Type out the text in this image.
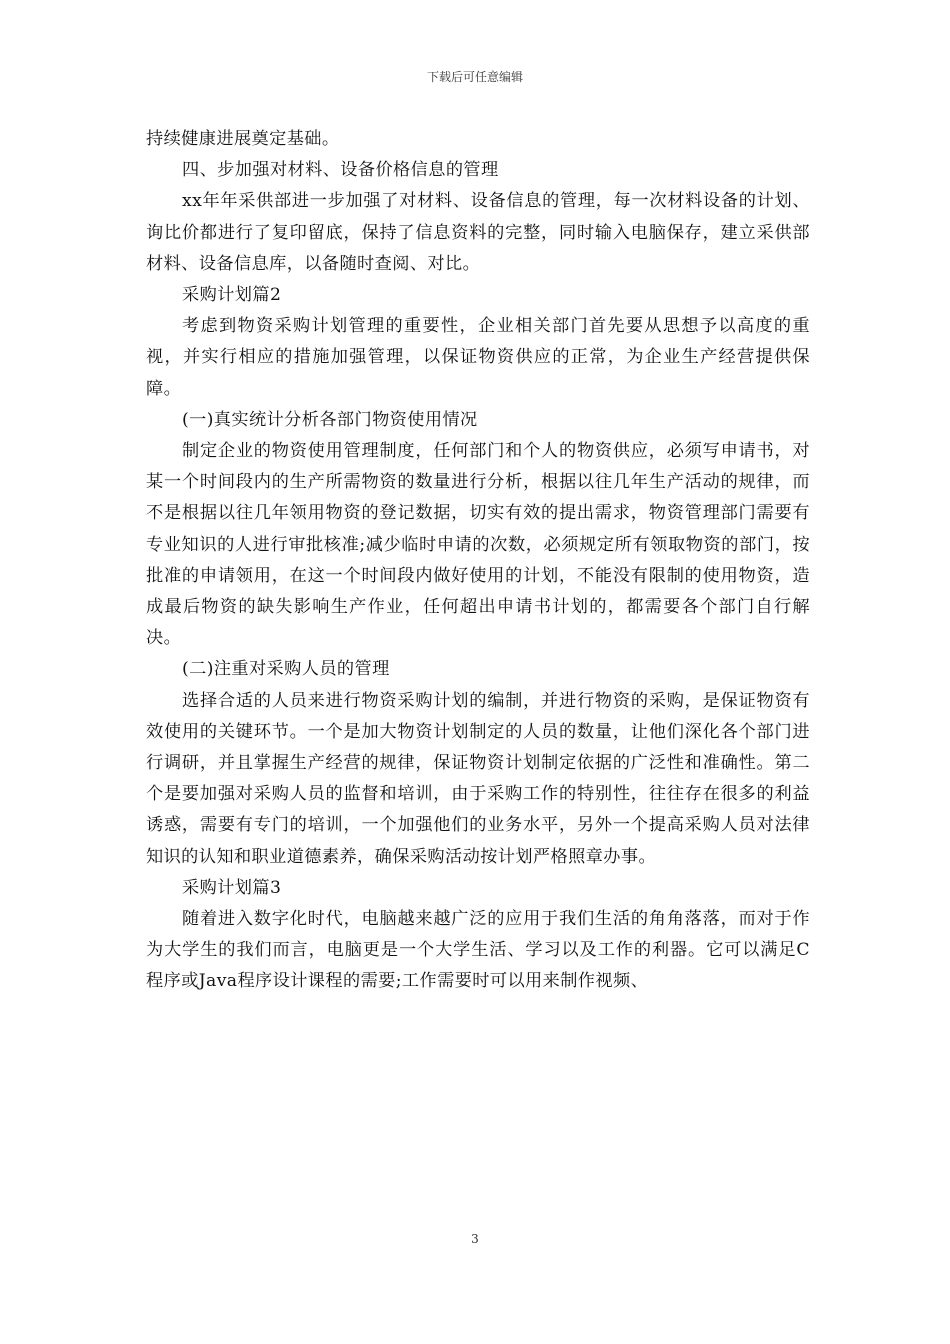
下载后可任意编辑

持续健康进展奠定基础。

四、步加强对材料、设备价格信息的管理

xx年年采供部进一步加强了对材料、设备信息的管理，每一次材料设备的计划、询比价都进行了复印留底，保持了信息资料的完整，同时输入电脑保存，建立采供部材料、设备信息库，以备随时查阅、对比。

采购计划篇2

考虑到物资采购计划管理的重要性，企业相关部门首先要从思想予以高度的重视，并实行相应的措施加强管理，以保证物资供应的正常，为企业生产经营提供保障。

(一)真实统计分析各部门物资使用情况

制定企业的物资使用管理制度，任何部门和个人的物资供应，必须写申请书，对某一个时间段内的生产所需物资的数量进行分析，根据以往几年生产活动的规律，而不是根据以往几年领用物资的登记数据，切实有效的提出需求，物资管理部门需要有专业知识的人进行审批核准;减少临时申请的次数，必须规定所有领取物资的部门，按批准的申请领用，在这一个时间段内做好使用的计划，不能没有限制的使用物资，造成最后物资的缺失影响生产作业，任何超出申请书计划的，都需要各个部门自行解决。

(二)注重对采购人员的管理

选择合适的人员来进行物资采购计划的编制，并进行物资的采购，是保证物资有效使用的关键环节。一个是加大物资计划制定的人员的数量，让他们深化各个部门进行调研，并且掌握生产经营的规律，保证物资计划制定依据的广泛性和准确性。第二个是要加强对采购人员的监督和培训，由于采购工作的特别性，往往存在很多的利益诱惑，需要有专门的培训，一个加强他们的业务水平，另外一个提高采购人员对法律知识的认知和职业道德素养，确保采购活动按计划严格照章办事。

采购计划篇3

随着进入数字化时代，电脑越来越广泛的应用于我们生活的角角落落，而对于作为大学生的我们而言，电脑更是一个大学生活、学习以及工作的利器。它可以满足C程序或Java程序设计课程的需要;工作需要时可以用来制作视频、

3
